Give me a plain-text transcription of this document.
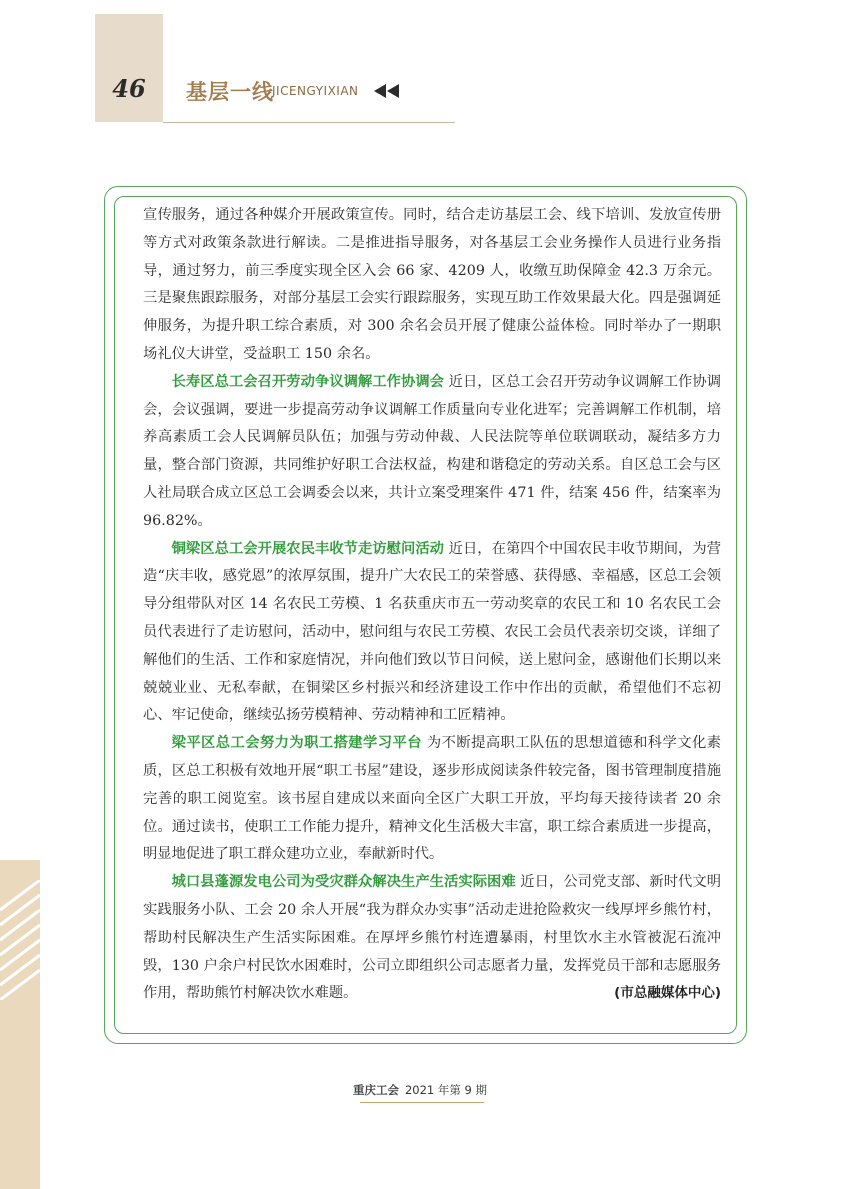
46	基层一线
JICENGYIXIAN

宣传服务，通过各种媒介开展政策宣传。同时，结合走访基层工会、线下培训、发放宣传册等方式对政策条款进行解读。二是推进指导服务，对各基层工会业务操作人员进行业务指导，通过努力，前三季度实现全区入会 66 家、4209 人，收缴互助保障金 42.3 万余元。三是聚焦跟踪服务，对部分基层工会实行跟踪服务，实现互助工作效果最大化。四是强调延伸服务，为提升职工综合素质，对 300 余名会员开展了健康公益体检。同时举办了一期职场礼仪大讲堂，受益职工 150 余名。

长寿区总工会召开劳动争议调解工作协调会 近日，区总工会召开劳动争议调解工作协调会，会议强调，要进一步提高劳动争议调解工作质量向专业化进军；完善调解工作机制，培养高素质工会人民调解员队伍；加强与劳动仲裁、人民法院等单位联调联动，凝结多方力量，整合部门资源，共同维护好职工合法权益，构建和谐稳定的劳动关系。自区总工会与区人社局联合成立区总工会调委会以来，共计立案受理案件 471 件，结案 456 件，结案率为 96.82%。

铜梁区总工会开展农民丰收节走访慰问活动 近日，在第四个中国农民丰收节期间，为营造“庆丰收，感党恩”的浓厚氛围，提升广大农民工的荣誉感、获得感、幸福感，区总工会领导分组带队对区 14 名农民工劳模、1 名获重庆市五一劳动奖章的农民工和 10 名农民工会员代表进行了走访慰问，活动中，慰问组与农民工劳模、农民工会员代表亲切交谈，详细了解他们的生活、工作和家庭情况，并向他们致以节日问候，送上慰问金，感谢他们长期以来兢兢业业、无私奉献，在铜梁区乡村振兴和经济建设工作中作出的贡献，希望他们不忘初心、牢记使命，继续弘扬劳模精神、劳动精神和工匠精神。

梁平区总工会努力为职工搭建学习平台 为不断提高职工队伍的思想道德和科学文化素质，区总工积极有效地开展“职工书屋”建设，逐步形成阅读条件较完备，图书管理制度措施完善的职工阅览室。该书屋自建成以来面向全区广大职工开放，平均每天接待读者 20 余位。通过读书，使职工工作能力提升，精神文化生活极大丰富，职工综合素质进一步提高，明显地促进了职工群众建功立业，奉献新时代。

城口县蓬源发电公司为受灾群众解决生产生活实际困难 近日，公司党支部、新时代文明实践服务小队、工会 20 余人开展“我为群众办实事”活动走进抢险救灾一线厚坪乡熊竹村，帮助村民解决生产生活实际困难。在厚坪乡熊竹村连遭暴雨，村里饮水主水管被泥石流冲毁，130 户余户村民饮水困难时，公司立即组织公司志愿者力量，发挥党员干部和志愿服务作用，帮助熊竹村解决饮水难题。	(市总融媒体中心)

重庆工会 2021 年第 9 期
